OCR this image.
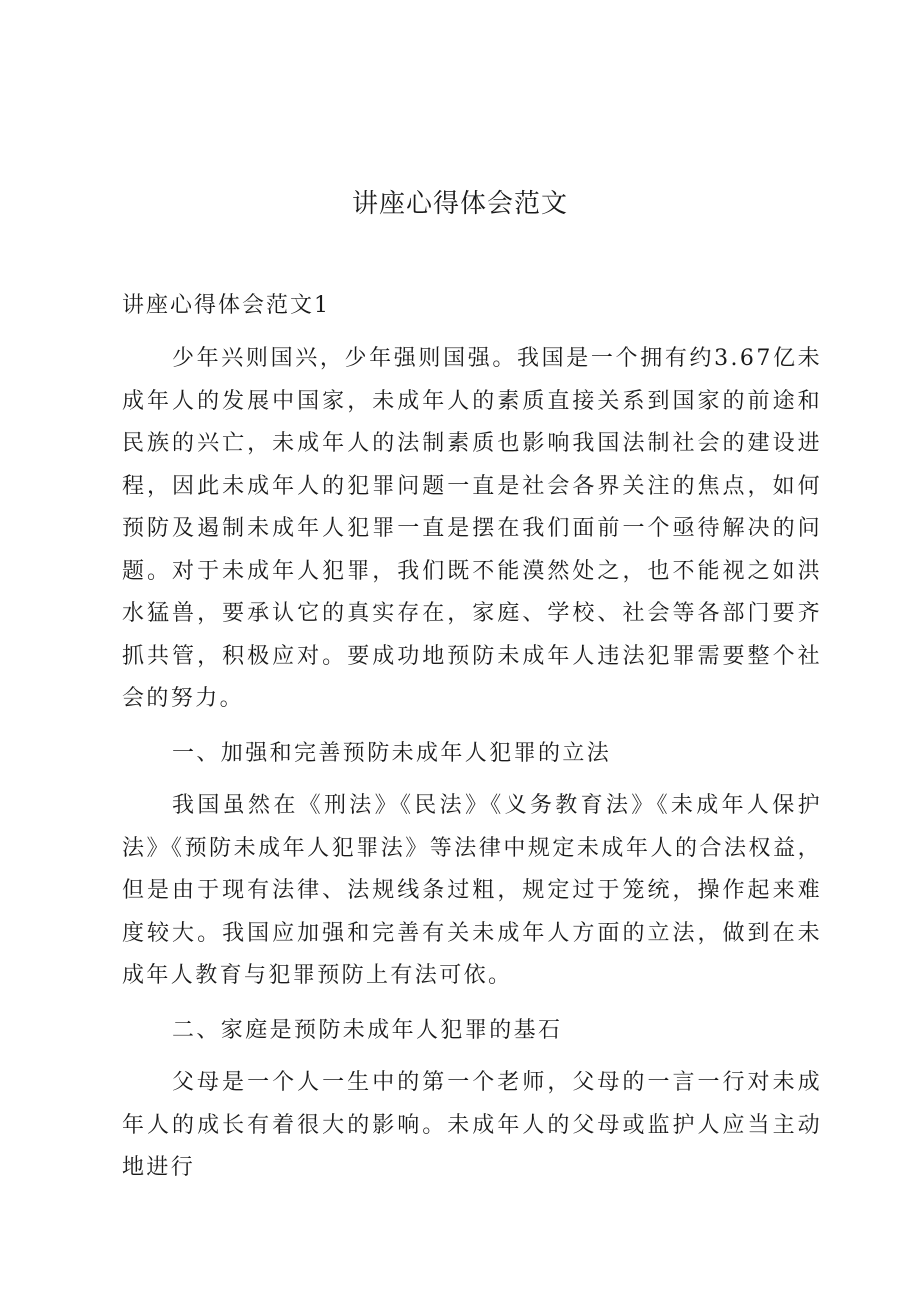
讲座心得体会范文
讲座心得体会范文1

少年兴则国兴，少年强则国强。我国是一个拥有约3.67亿未成年人的发展中国家，未成年人的素质直接关系到国家的前途和民族的兴亡，未成年人的法制素质也影响我国法制社会的建设进程，因此未成年人的犯罪问题一直是社会各界关注的焦点，如何预防及遏制未成年人犯罪一直是摆在我们面前一个亟待解决的问题。对于未成年人犯罪，我们既不能漠然处之，也不能视之如洪水猛兽，要承认它的真实存在，家庭、学校、社会等各部门要齐抓共管，积极应对。要成功地预防未成年人违法犯罪需要整个社会的努力。

一、加强和完善预防未成年人犯罪的立法

我国虽然在《刑法》《民法》《义务教育法》《未成年人保护法》《预防未成年人犯罪法》等法律中规定未成年人的合法权益，但是由于现有法律、法规线条过粗，规定过于笼统，操作起来难度较大。我国应加强和完善有关未成年人方面的立法，做到在未成年人教育与犯罪预防上有法可依。

二、家庭是预防未成年人犯罪的基石

父母是一个人一生中的第一个老师，父母的一言一行对未成年人的成长有着很大的影响。未成年人的父母或监护人应当主动地进行
